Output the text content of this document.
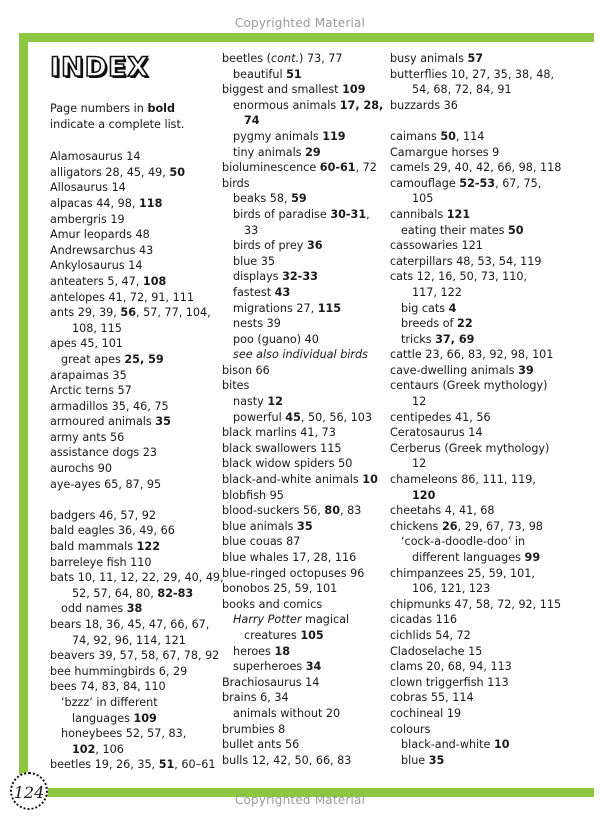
Copyrighted Material
Copyrighted Material
INDEX
Page numbers in bold indicate a complete list.
Alamosaurus 14
alligators 28, 45, 49, 50
Allosaurus 14
alpacas 44, 98, 118
ambergris 19
Amur leopards 48
Andrewsarchus 43
Ankylosaurus 14
anteaters 5, 47, 108
antelopes 41, 72, 91, 111
ants 29, 39, 56, 57, 77, 104,
108, 115
apes 45, 101
great apes 25, 59
arapaimas 35
Arctic terns 57
armadillos 35, 46, 75
armoured animals 35
army ants 56
assistance dogs 23
aurochs 90
aye-ayes 65, 87, 95
badgers 46, 57, 92
bald eagles 36, 49, 66
bald mammals 122
barreleye fish 110
bats 10, 11, 12, 22, 29, 40, 49,
52, 57, 64, 80, 82-83
odd names 38
bears 18, 36, 45, 47, 66, 67,
74, 92, 96, 114, 121
beavers 39, 57, 58, 67, 78, 92
bee hummingbirds 6, 29
bees 74, 83, 84, 110
‘bzzz’ in different
languages 109
honeybees 52, 57, 83,
102, 106
beetles 19, 26, 35, 51, 60–61
beetles (cont.) 73, 77
beautiful 51
biggest and smallest 109
enormous animals 17, 28,
74
pygmy animals 119
tiny animals 29
bioluminescence 60-61, 72
birds
beaks 58, 59
birds of paradise 30-31,
33
birds of prey 36
blue 35
displays 32-33
fastest 43
migrations 27, 115
nests 39
poo (guano) 40
see also individual birds
bison 66
bites
nasty 12
powerful 45, 50, 56, 103
black marlins 41, 73
black swallowers 115
black widow spiders 50
black-and-white animals 10
blobfish 95
blood-suckers 56, 80, 83
blue animals 35
blue couas 87
blue whales 17, 28, 116
blue-ringed octopuses 96
bonobos 25, 59, 101
books and comics
Harry Potter magical
creatures 105
heroes 18
superheroes 34
Brachiosaurus 14
brains 6, 34
animals without 20
brumbies 8
bullet ants 56
bulls 12, 42, 50, 66, 83
busy animals 57
butterflies 10, 27, 35, 38, 48,
54, 68, 72, 84, 91
buzzards 36
caimans 50, 114
Camargue horses 9
camels 29, 40, 42, 66, 98, 118
camouflage 52-53, 67, 75,
105
cannibals 121
eating their mates 50
cassowaries 121
caterpillars 48, 53, 54, 119
cats 12, 16, 50, 73, 110,
117, 122
big cats 4
breeds of 22
tricks 37, 69
cattle 23, 66, 83, 92, 98, 101
cave-dwelling animals 39
centaurs (Greek mythology)
12
centipedes 41, 56
Ceratosaurus 14
Cerberus (Greek mythology)
12
chameleons 86, 111, 119,
120
cheetahs 4, 41, 68
chickens 26, 29, 67, 73, 98
‘cock-a-doodle-doo’ in
different languages 99
chimpanzees 25, 59, 101,
106, 121, 123
chipmunks 47, 58, 72, 92, 115
cicadas 116
cichlids 54, 72
Cladoselache 15
clams 20, 68, 94, 113
clown triggerfish 113
cobras 55, 114
cochineal 19
colours
black-and-white 10
blue 35
124
